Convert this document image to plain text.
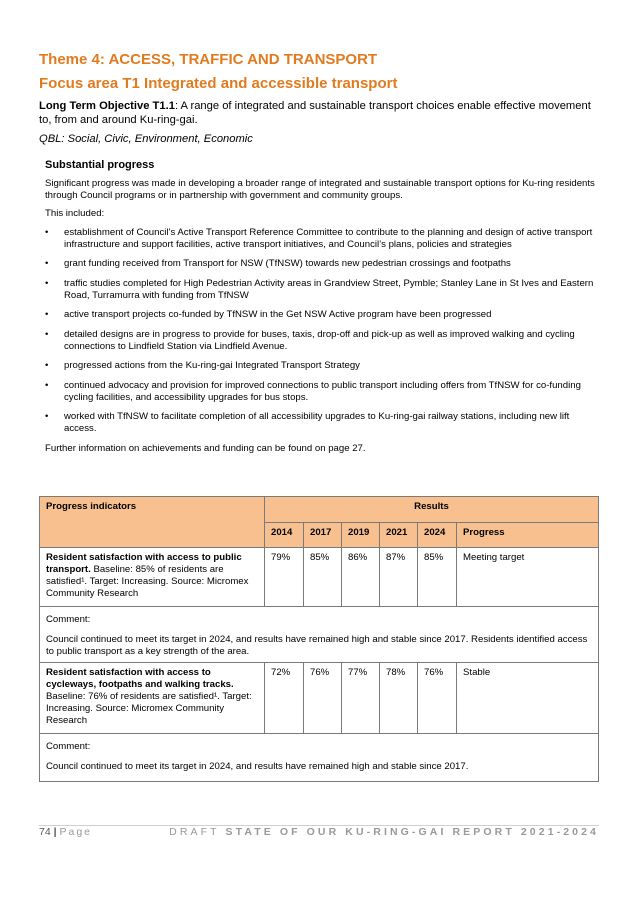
Theme 4: ACCESS, TRAFFIC AND TRANSPORT
Focus area T1 Integrated and accessible transport
Long Term Objective T1.1: A range of integrated and sustainable transport choices enable effective movement to, from and around Ku-ring-gai.
QBL: Social, Civic, Environment, Economic
Substantial progress

Significant progress was made in developing a broader range of integrated and sustainable transport options for Ku-ring residents through Council programs or in partnership with government and community groups.

This included:

• establishment of Council’s Active Transport Reference Committee to contribute to the planning and design of active transport infrastructure and support facilities, active transport initiatives, and Council’s plans, policies and strategies
• grant funding received from Transport for NSW (TfNSW) towards new pedestrian crossings and footpaths
• traffic studies completed for High Pedestrian Activity areas in Grandview Street, Pymble; Stanley Lane in St Ives and Eastern Road, Turramurra with funding from TfNSW
• active transport projects co-funded by TfNSW in the Get NSW Active program have been progressed
• detailed designs are in progress to provide for buses, taxis, drop-off and pick-up as well as improved walking and cycling connections to Lindfield Station via Lindfield Avenue.
• progressed actions from the Ku-ring-gai Integrated Transport Strategy
• continued advocacy and provision for improved connections to public transport including offers from TfNSW for co-funding cycling facilities, and accessibility upgrades for bus stops.
• worked with TfNSW to facilitate completion of all accessibility upgrades to Ku-ring-gai railway stations, including new lift access.

Further information on achievements and funding can be found on page 27.

Progress indicators	Results					
	2014	2017	2019	2021	2024	Progress
Resident satisfaction with access to public transport. Baseline: 85% of residents are satisfied¹. Target: Increasing. Source: Micromex Community Research	79%	85%	86%	87%	85%	Meeting target

Comment:
Council continued to meet its target in 2024, and results have remained high and stable since 2017. Residents identified access to public transport as a key strength of the area.						

Resident satisfaction with access to cycleways, footpaths and walking tracks. Baseline: 76% of residents are satisfied¹. Target: Increasing. Source: Micromex Community Research	72%	76%	77%	78%	76%	Stable

Comment:
Council continued to meet its target in 2024, and results have remained high and stable since 2017.						
74 | Page	DRAFT STATE OF OUR KU-RING-GAI REPORT 2021-2024
